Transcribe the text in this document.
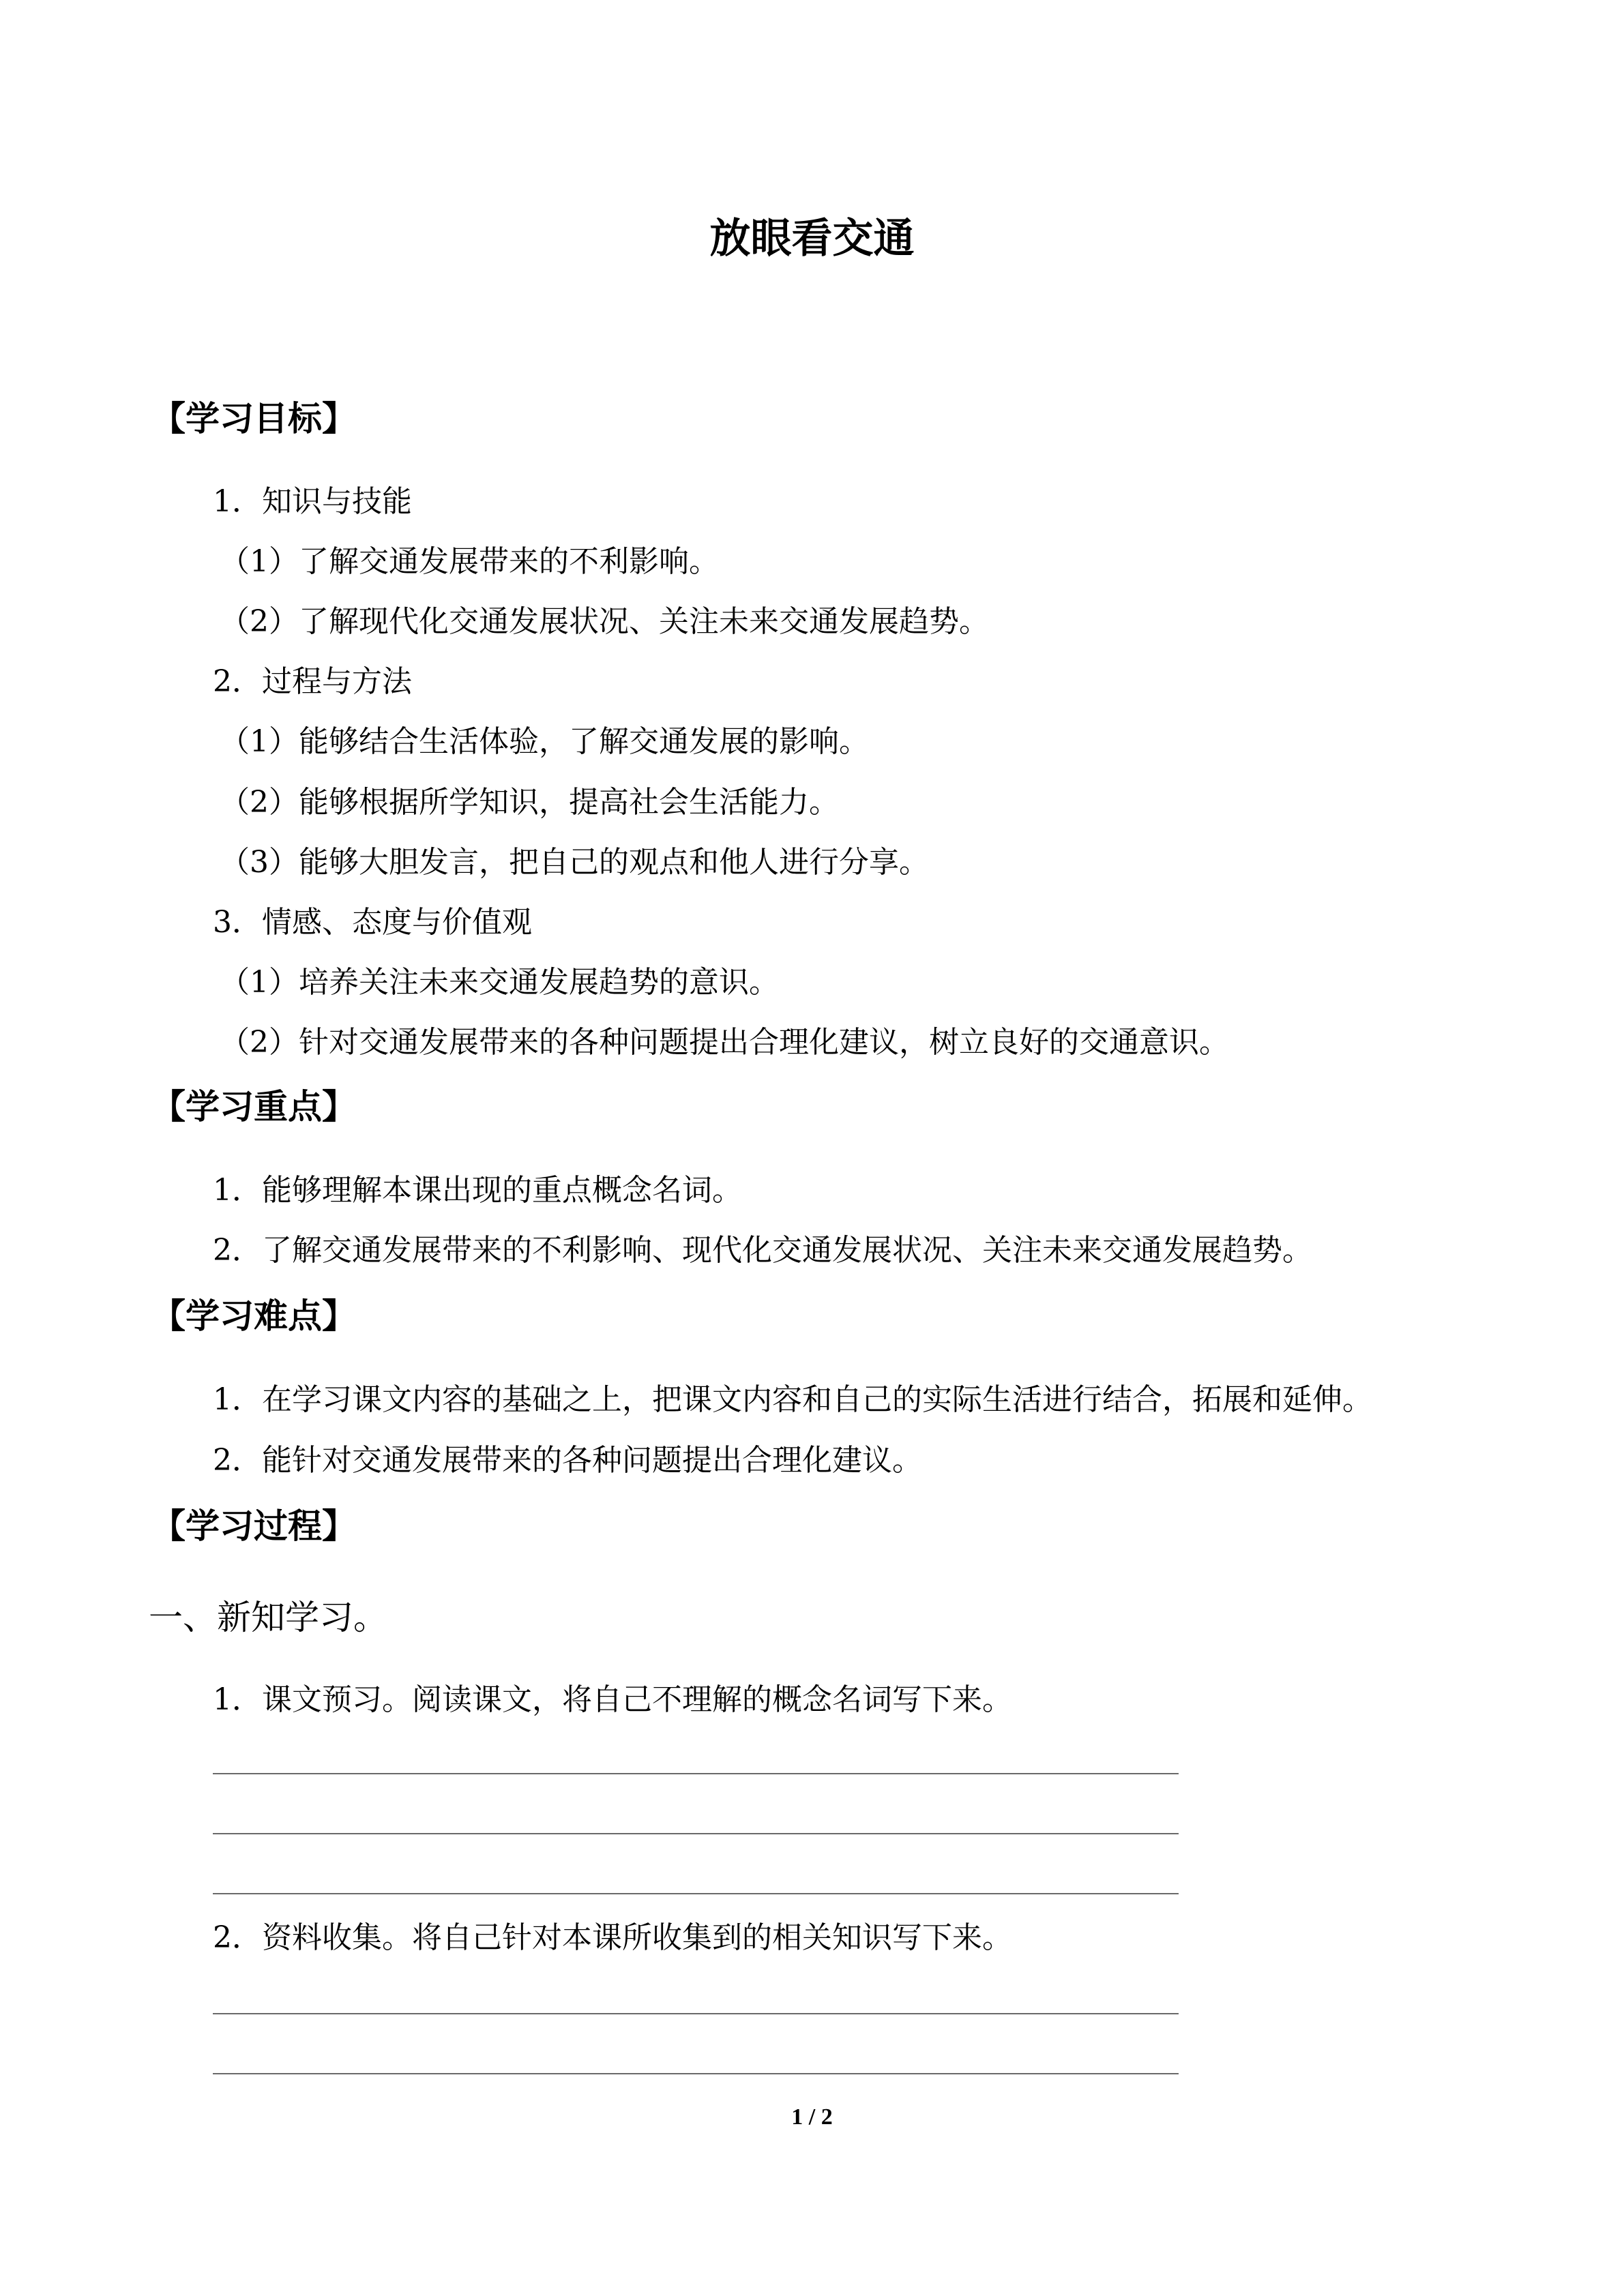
放眼看交通
【学习目标】
1．知识与技能
（1）了解交通发展带来的不利影响。
（2）了解现代化交通发展状况、关注未来交通发展趋势。
2．过程与方法
（1）能够结合生活体验，了解交通发展的影响。
（2）能够根据所学知识，提高社会生活能力。
（3）能够大胆发言，把自己的观点和他人进行分享。
3．情感、态度与价值观
（1）培养关注未来交通发展趋势的意识。
（2）针对交通发展带来的各种问题提出合理化建议，树立良好的交通意识。
【学习重点】
1．能够理解本课出现的重点概念名词。
2．了解交通发展带来的不利影响、现代化交通发展状况、关注未来交通发展趋势。
【学习难点】
1．在学习课文内容的基础之上，把课文内容和自己的实际生活进行结合，拓展和延伸。
2．能针对交通发展带来的各种问题提出合理化建议。
【学习过程】
一、新知学习。
1．课文预习。阅读课文，将自己不理解的概念名词写下来。
2．资料收集。将自己针对本课所收集到的相关知识写下来。
1 / 2
